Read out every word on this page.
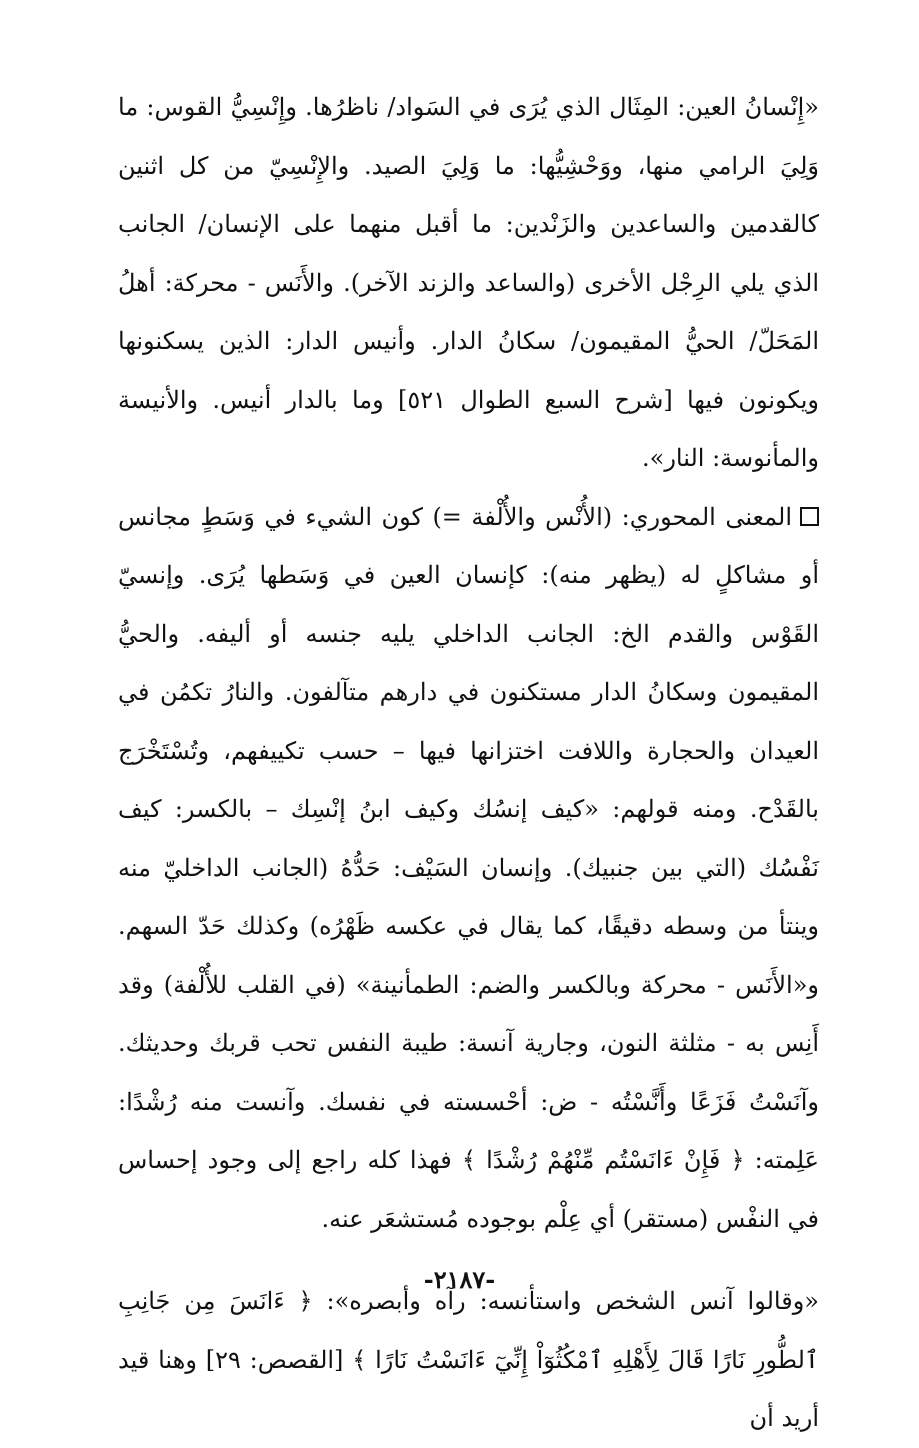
«إِنْسانُ العين: المِثَال الذي يُرَى في السَواد/ ناظرُها. وإِنْسِيُّ القوس: ما وَلِيَ الرامي منها، ووَحْشِيُّها: ما وَلِيَ الصيد. والإِنْسِيّ من كل اثنين كالقدمين والساعدين والزَنْدين: ما أقبل منهما على الإنسان/ الجانب الذي يلي الرِجْل الأخرى (والساعد والزند الآخر). والأَنَس - محركة: أهلُ المَحَلّ/ الحيُّ المقيمون/ سكانُ الدار. وأنيس الدار: الذين يسكنونها ويكونون فيها [شرح السبع الطوال ٥٢١] وما بالدار أنيس. والأنيسة والمأنوسة: النار».

المعنى المحوري: (الأُنْس والأُلْفة =) كون الشيء في وَسَطٍ مجانس أو مشاكلٍ له (يظهر منه): كإنسان العين في وَسَطها يُرَى. وإنسيّ القَوْس والقدم الخ: الجانب الداخلي يليه جنسه أو أليفه. والحيُّ المقيمون وسكانُ الدار مستكنون في دارهم متآلفون. والنارُ تكمُن في العيدان والحجارة واللافت اختزانها فيها – حسب تكييفهم، وتُسْتَخْرَج بالقَدْح. ومنه قولهم: «كيف إنسُك وكيف ابنُ إنْسِك – بالكسر: كيف نَفْسُك (التي بين جنبيك). وإنسان السَيْف: حَدُّهُ (الجانب الداخليّ منه وينتأ من وسطه دقيقًا، كما يقال في عكسه ظَهْرُه) وكذلك حَدّ السهم. و«الأَنَس - محركة وبالكسر والضم: الطمأنينة» (في القلب للأُلْفة) وقد أَنِس به - مثلثة النون، وجارية آنسة: طيبة النفس تحب قربك وحديثك. وآنَسْتُ فَزَعًا وأَنَّسْتُه - ض: أحْسسته في نفسك. وآنست منه رُشْدًا: عَلِمته: ﴿ فَإِنْ ءَانَسْتُم مِّنْهُمْ رُشْدًا ﴾ فهذا كله راجع إلى وجود إحساس في النفْس (مستقر) أي عِلْم بوجوده مُستشعَر عنه.

«وقالوا آنس الشخص واستأنسه: رآه وأبصره»: ﴿ ءَانَسَ مِن جَانِبِ ٱلطُّورِ نَارًا قَالَ لِأَهْلِهِ ٱمْكُثُوٓاْ إِنِّيٓ ءَانَسْتُ نَارًا ﴾ [القصص: ٢٩] وهنا قيد أريد أن

-٢١٨٧-
